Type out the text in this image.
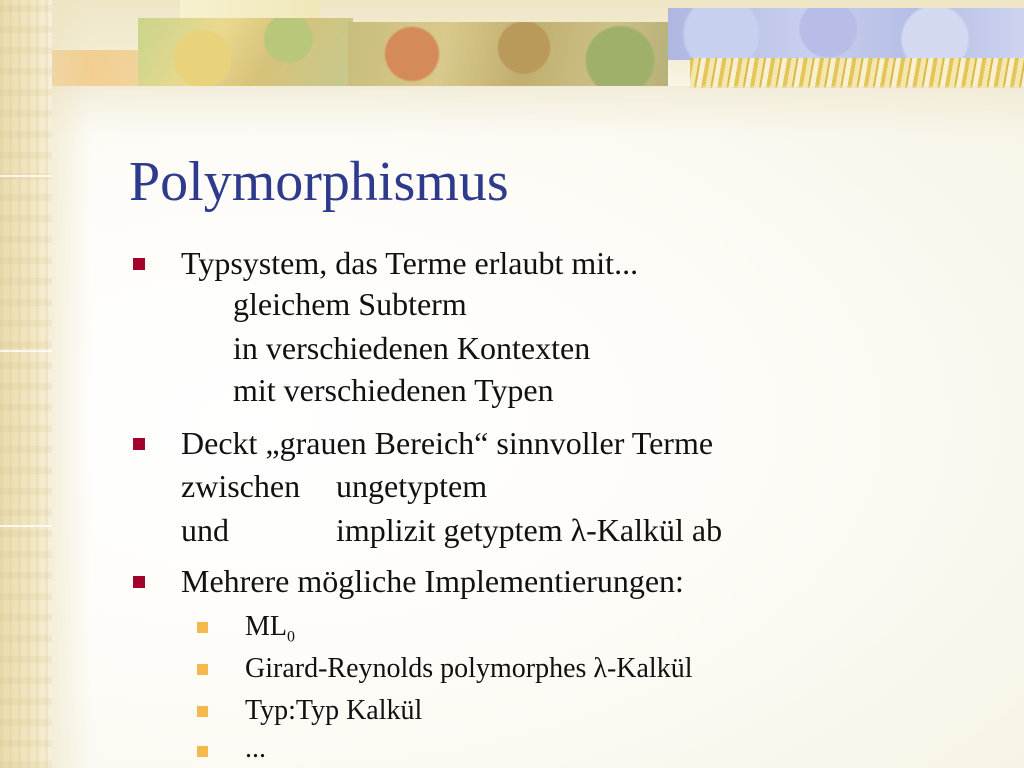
Polymorphismus

Typsystem, das Terme erlaubt mit...

gleichem Subterm

in verschiedenen Kontexten

mit verschiedenen Typen

Deckt „grauen Bereich“ sinnvoller Terme

zwischen ungetyptem

und	implizit getyptem λ-Kalkül ab

Mehrere mögliche Implementierungen:

$ML_0$

Girard-Reynolds polymorphes λ-Kalkül

Typ:Typ Kalkül

...
